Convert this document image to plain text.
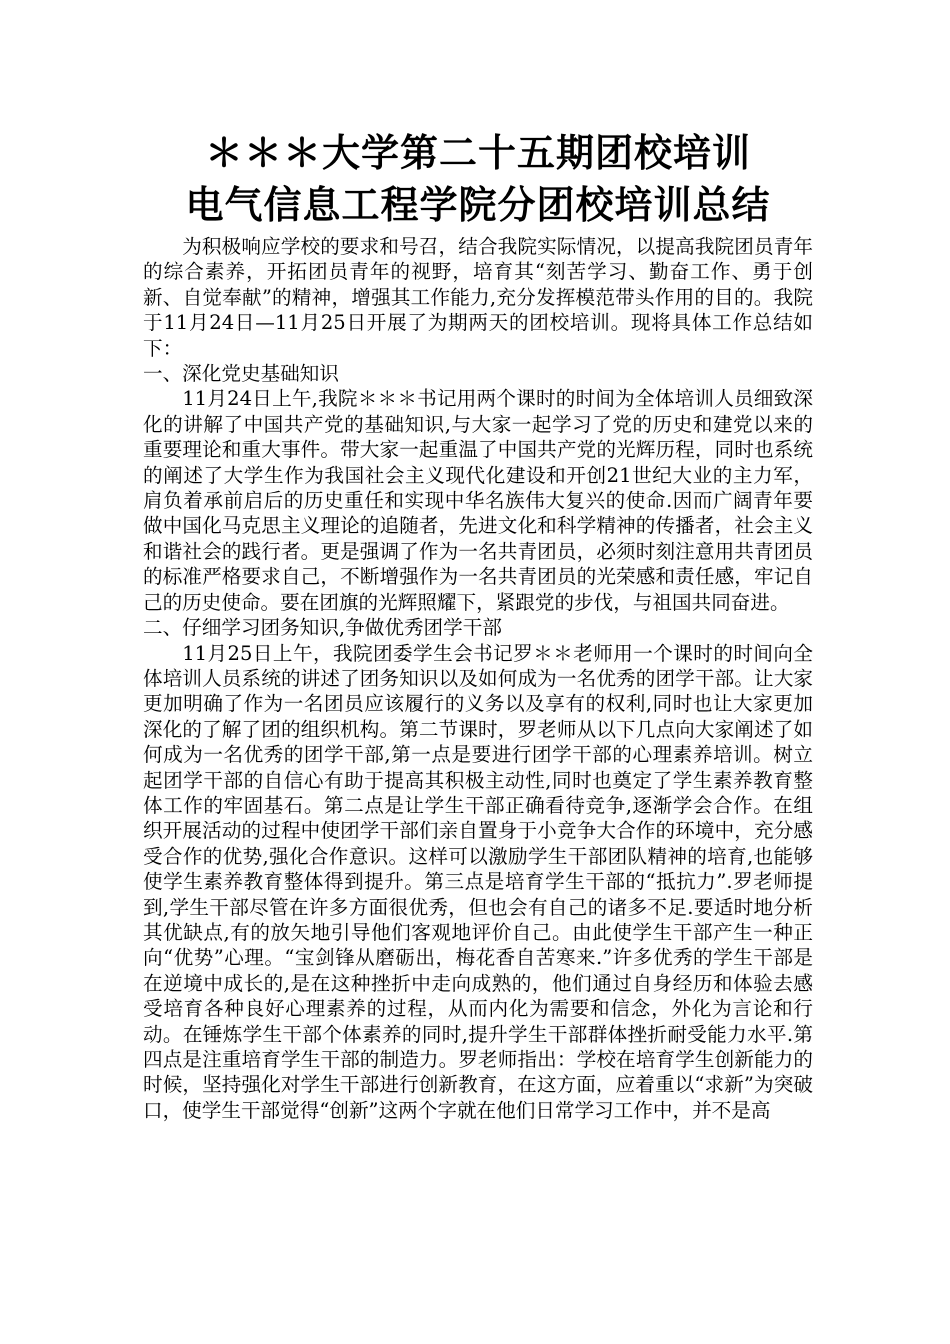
＊＊＊大学第二十五期团校培训
电气信息工程学院分团校培训总结

为积极响应学校的要求和号召，结合我院实际情况，以提高我院团员青年的综合素养，开拓团员青年的视野，培育其“刻苦学习、勤奋工作、勇于创新、自觉奉献”的精神，增强其工作能力,充分发挥模范带头作用的目的。我院于11月24日—11月25日开展了为期两天的团校培训。现将具体工作总结如下：

一、深化党史基础知识

11月24日上午,我院＊＊＊书记用两个课时的时间为全体培训人员细致深化的讲解了中国共产党的基础知识,与大家一起学习了党的历史和建党以来的重要理论和重大事件。带大家一起重温了中国共产党的光辉历程，同时也系统的阐述了大学生作为我国社会主义现代化建设和开创21世纪大业的主力军，肩负着承前启后的历史重任和实现中华名族伟大复兴的使命.因而广阔青年要做中国化马克思主义理论的追随者，先进文化和科学精神的传播者，社会主义和谐社会的践行者。更是强调了作为一名共青团员，必须时刻注意用共青团员的标准严格要求自己，不断增强作为一名共青团员的光荣感和责任感，牢记自己的历史使命。要在团旗的光辉照耀下，紧跟党的步伐，与祖国共同奋进。

二、仔细学习团务知识,争做优秀团学干部

11月25日上午，我院团委学生会书记罗＊＊老师用一个课时的时间向全体培训人员系统的讲述了团务知识以及如何成为一名优秀的团学干部。让大家更加明确了作为一名团员应该履行的义务以及享有的权利,同时也让大家更加深化的了解了团的组织机构。第二节课时，罗老师从以下几点向大家阐述了如何成为一名优秀的团学干部,第一点是要进行团学干部的心理素养培训。树立起团学干部的自信心有助于提高其积极主动性,同时也奠定了学生素养教育整体工作的牢固基石。第二点是让学生干部正确看待竞争,逐渐学会合作。在组织开展活动的过程中使团学干部们亲自置身于小竞争大合作的环境中，充分感受合作的优势,强化合作意识。这样可以激励学生干部团队精神的培育,也能够使学生素养教育整体得到提升。第三点是培育学生干部的“抵抗力”.罗老师提到,学生干部尽管在许多方面很优秀，但也会有自己的诸多不足.要适时地分析其优缺点,有的放矢地引导他们客观地评价自己。由此使学生干部产生一种正向“优势”心理。“宝剑锋从磨砺出，梅花香自苦寒来.”许多优秀的学生干部是在逆境中成长的,是在这种挫折中走向成熟的，他们通过自身经历和体验去感受培育各种良好心理素养的过程，从而内化为需要和信念，外化为言论和行动。在锤炼学生干部个体素养的同时,提升学生干部群体挫折耐受能力水平.第四点是注重培育学生干部的制造力。罗老师指出：学校在培育学生创新能力的时候，坚持强化对学生干部进行创新教育，在这方面，应着重以“求新”为突破口，使学生干部觉得“创新”这两个字就在他们日常学习工作中，并不是高
